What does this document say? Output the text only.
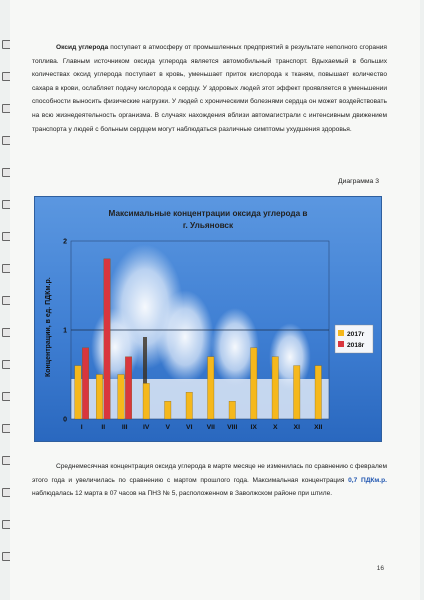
Оксид углерода поступает в атмосферу от промышленных предприятий в результате неполного сгорания топлива. Главным источником оксида углерода является автомобильный транспорт. Вдыхаемый в больших количествах оксид углерода поступает в кровь, уменьшает приток кислорода к тканям, повышает количество сахара в крови, ослабляет подачу кислорода к сердцу. У здоровых людей этот эффект проявляется в уменьшении способности выносить физические нагрузки. У людей с хроническими болезнями сердца он может воздействовать на всю жизнедеятельность организма. В случаях нахождения вблизи автомагистрали с интенсивным движением транспорта у людей с больным сердцем могут наблюдаться различные симптомы ухудшения здоровья.

Диаграмма 3
0
1
2
I	II III IV V VI VII VIII IX X XI XII
2017г
2018г
Максимальные концентрации оксида углерода в
г. Ульяновск
Концентрации, в ед. ПДКм.р.

Среднемесячная концентрация оксида углерода в марте месяце не изменилась по сравнению с февралем этого года и увеличилась по сравнению с мартом прошлого года. Максимальная концентрация 0,7 ПДКм.р. наблюдалась 12 марта в 07 часов на ПНЗ № 5, расположенном в Заволжском районе при штиле.

16
